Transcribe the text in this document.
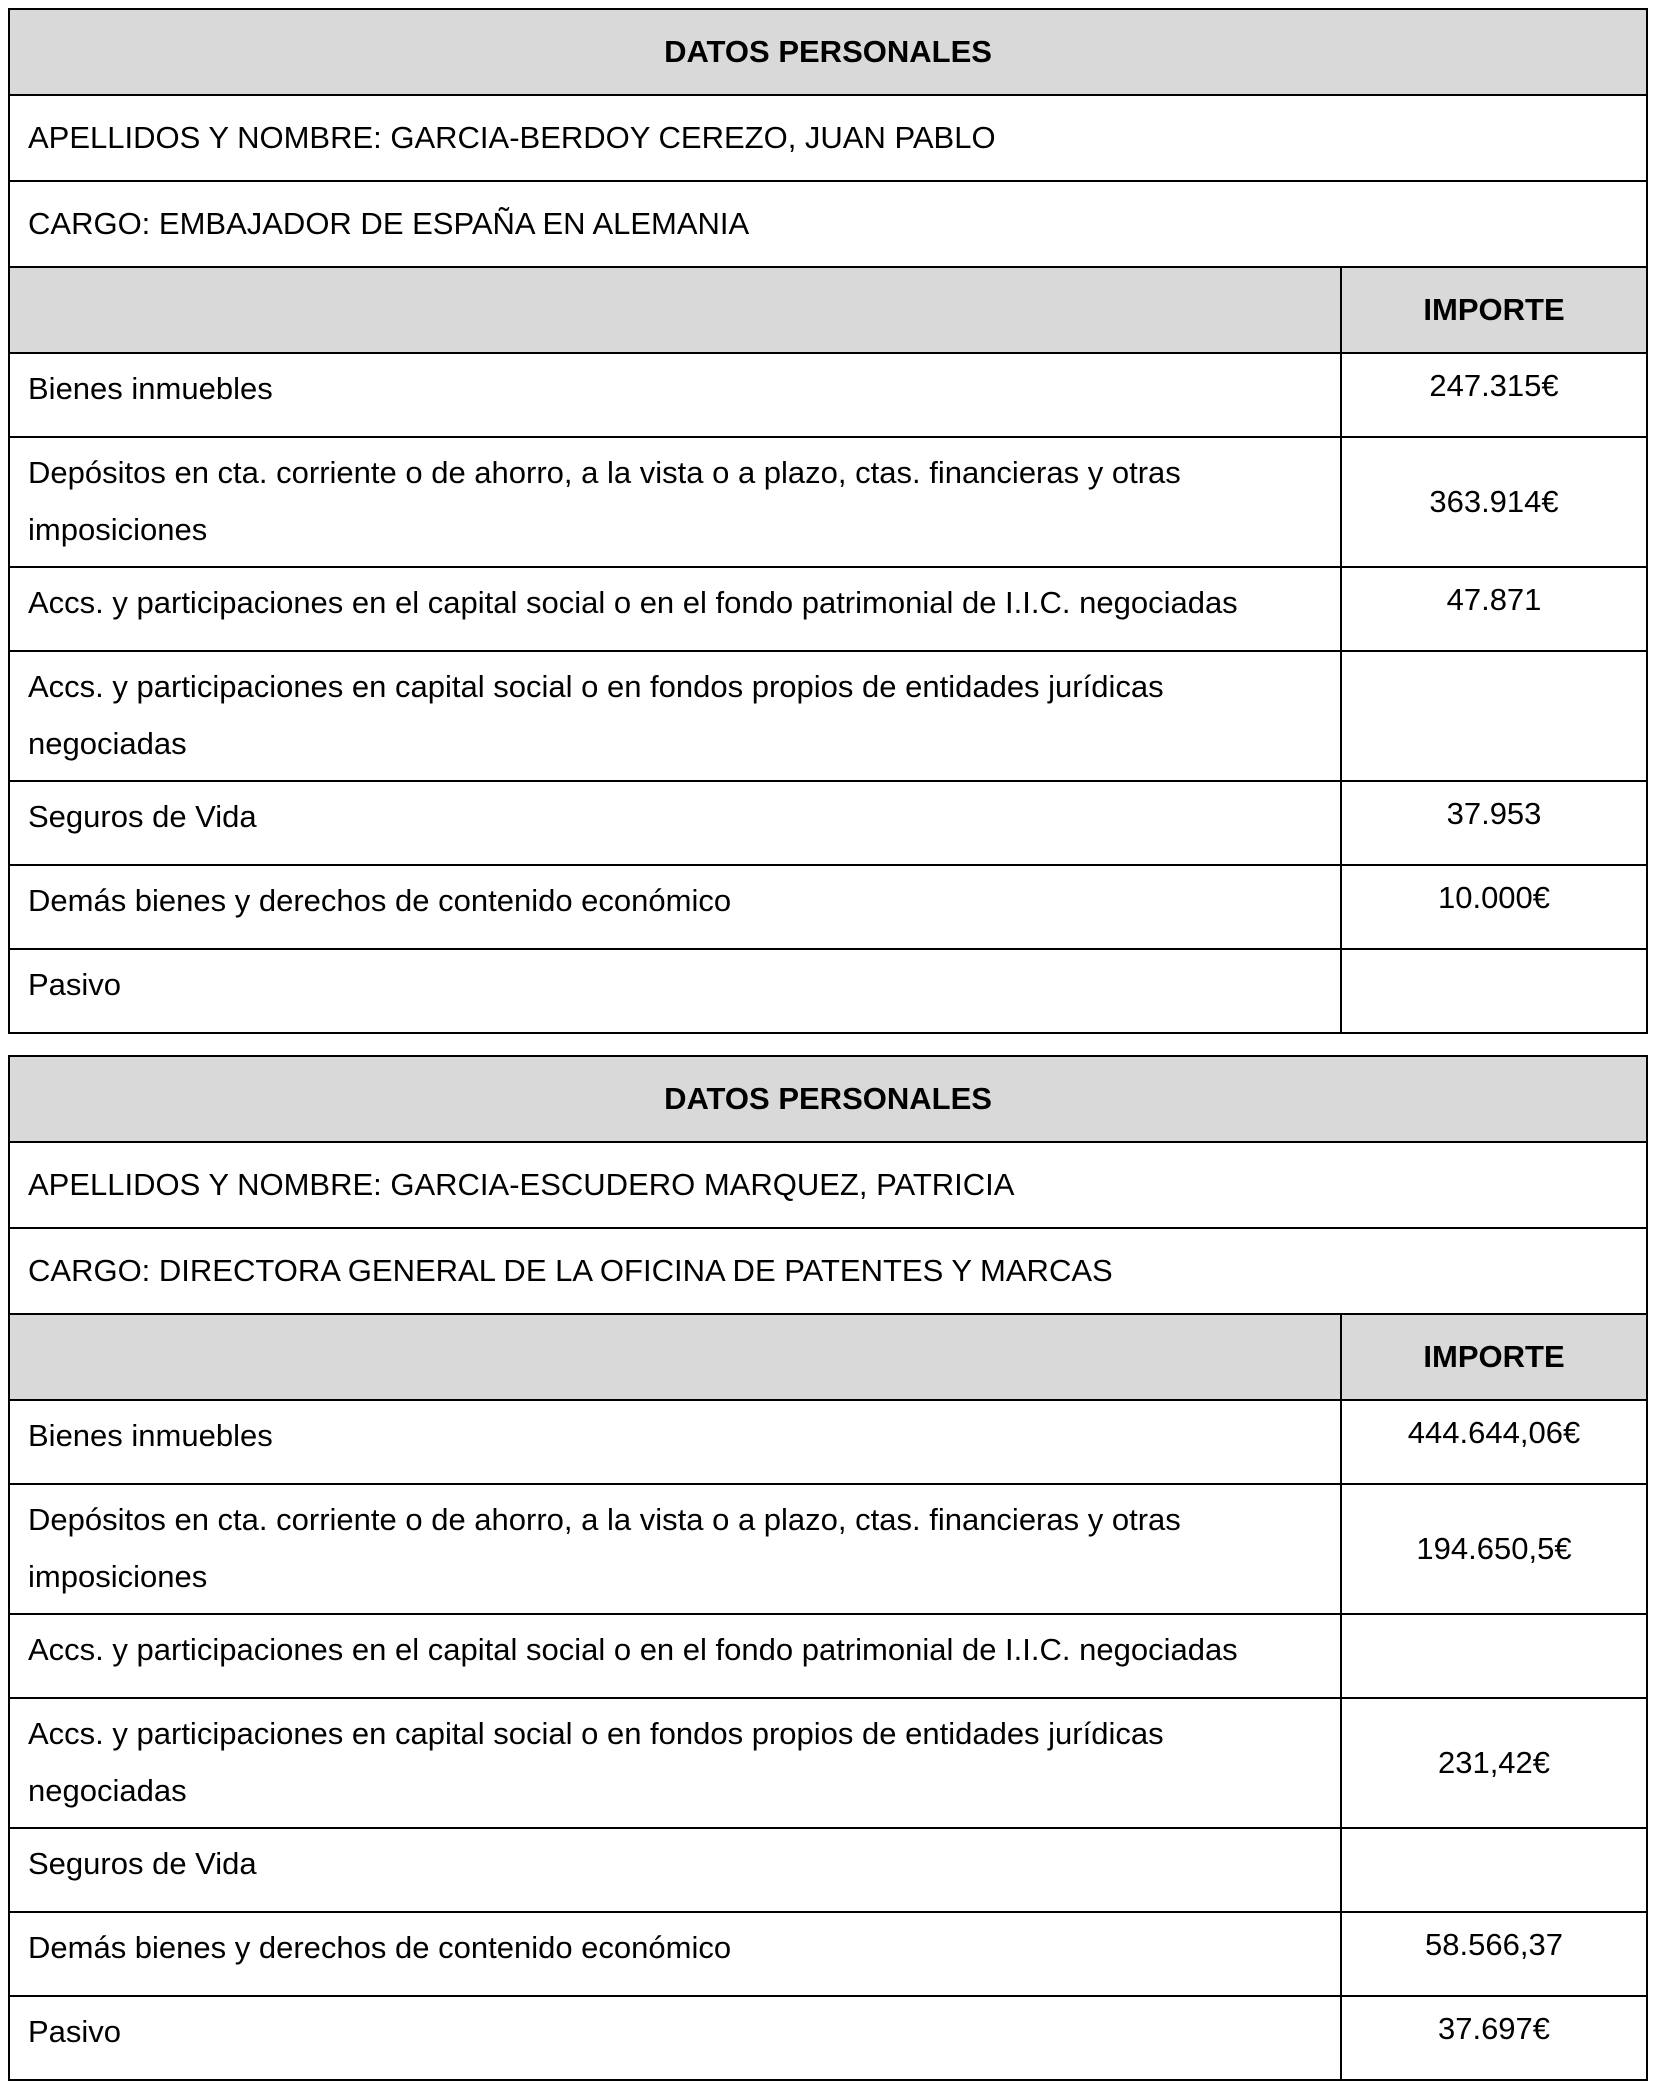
DATOS PERSONALES	
APELLIDOS Y NOMBRE: GARCIA-BERDOY CEREZO, JUAN PABLO	
CARGO: EMBAJADOR DE ESPAÑA EN ALEMANIA	
	IMPORTE

Bienes inmuebles	247.315€

Depósitos en cta. corriente o de ahorro, a la vista o a plazo, ctas. financieras y otras imposiciones	363.914€

Accs. y participaciones en el capital social o en el fondo patrimonial de I.I.C. negociadas	47.871

Accs. y participaciones en capital social o en fondos propios de entidades jurídicas negociadas	

Seguros de Vida	37.953

Demás bienes y derechos de contenido económico	10.000€

Pasivo	

DATOS PERSONALES	
APELLIDOS Y NOMBRE: GARCIA-ESCUDERO MARQUEZ, PATRICIA	
CARGO: DIRECTORA GENERAL DE LA OFICINA DE PATENTES Y MARCAS	
	IMPORTE

Bienes inmuebles	444.644,06€

Depósitos en cta. corriente o de ahorro, a la vista o a plazo, ctas. financieras y otras imposiciones	194.650,5€

Accs. y participaciones en el capital social o en el fondo patrimonial de I.I.C. negociadas	

Accs. y participaciones en capital social o en fondos propios de entidades jurídicas negociadas	231,42€

Seguros de Vida	

Demás bienes y derechos de contenido económico	58.566,37

Pasivo	37.697€
